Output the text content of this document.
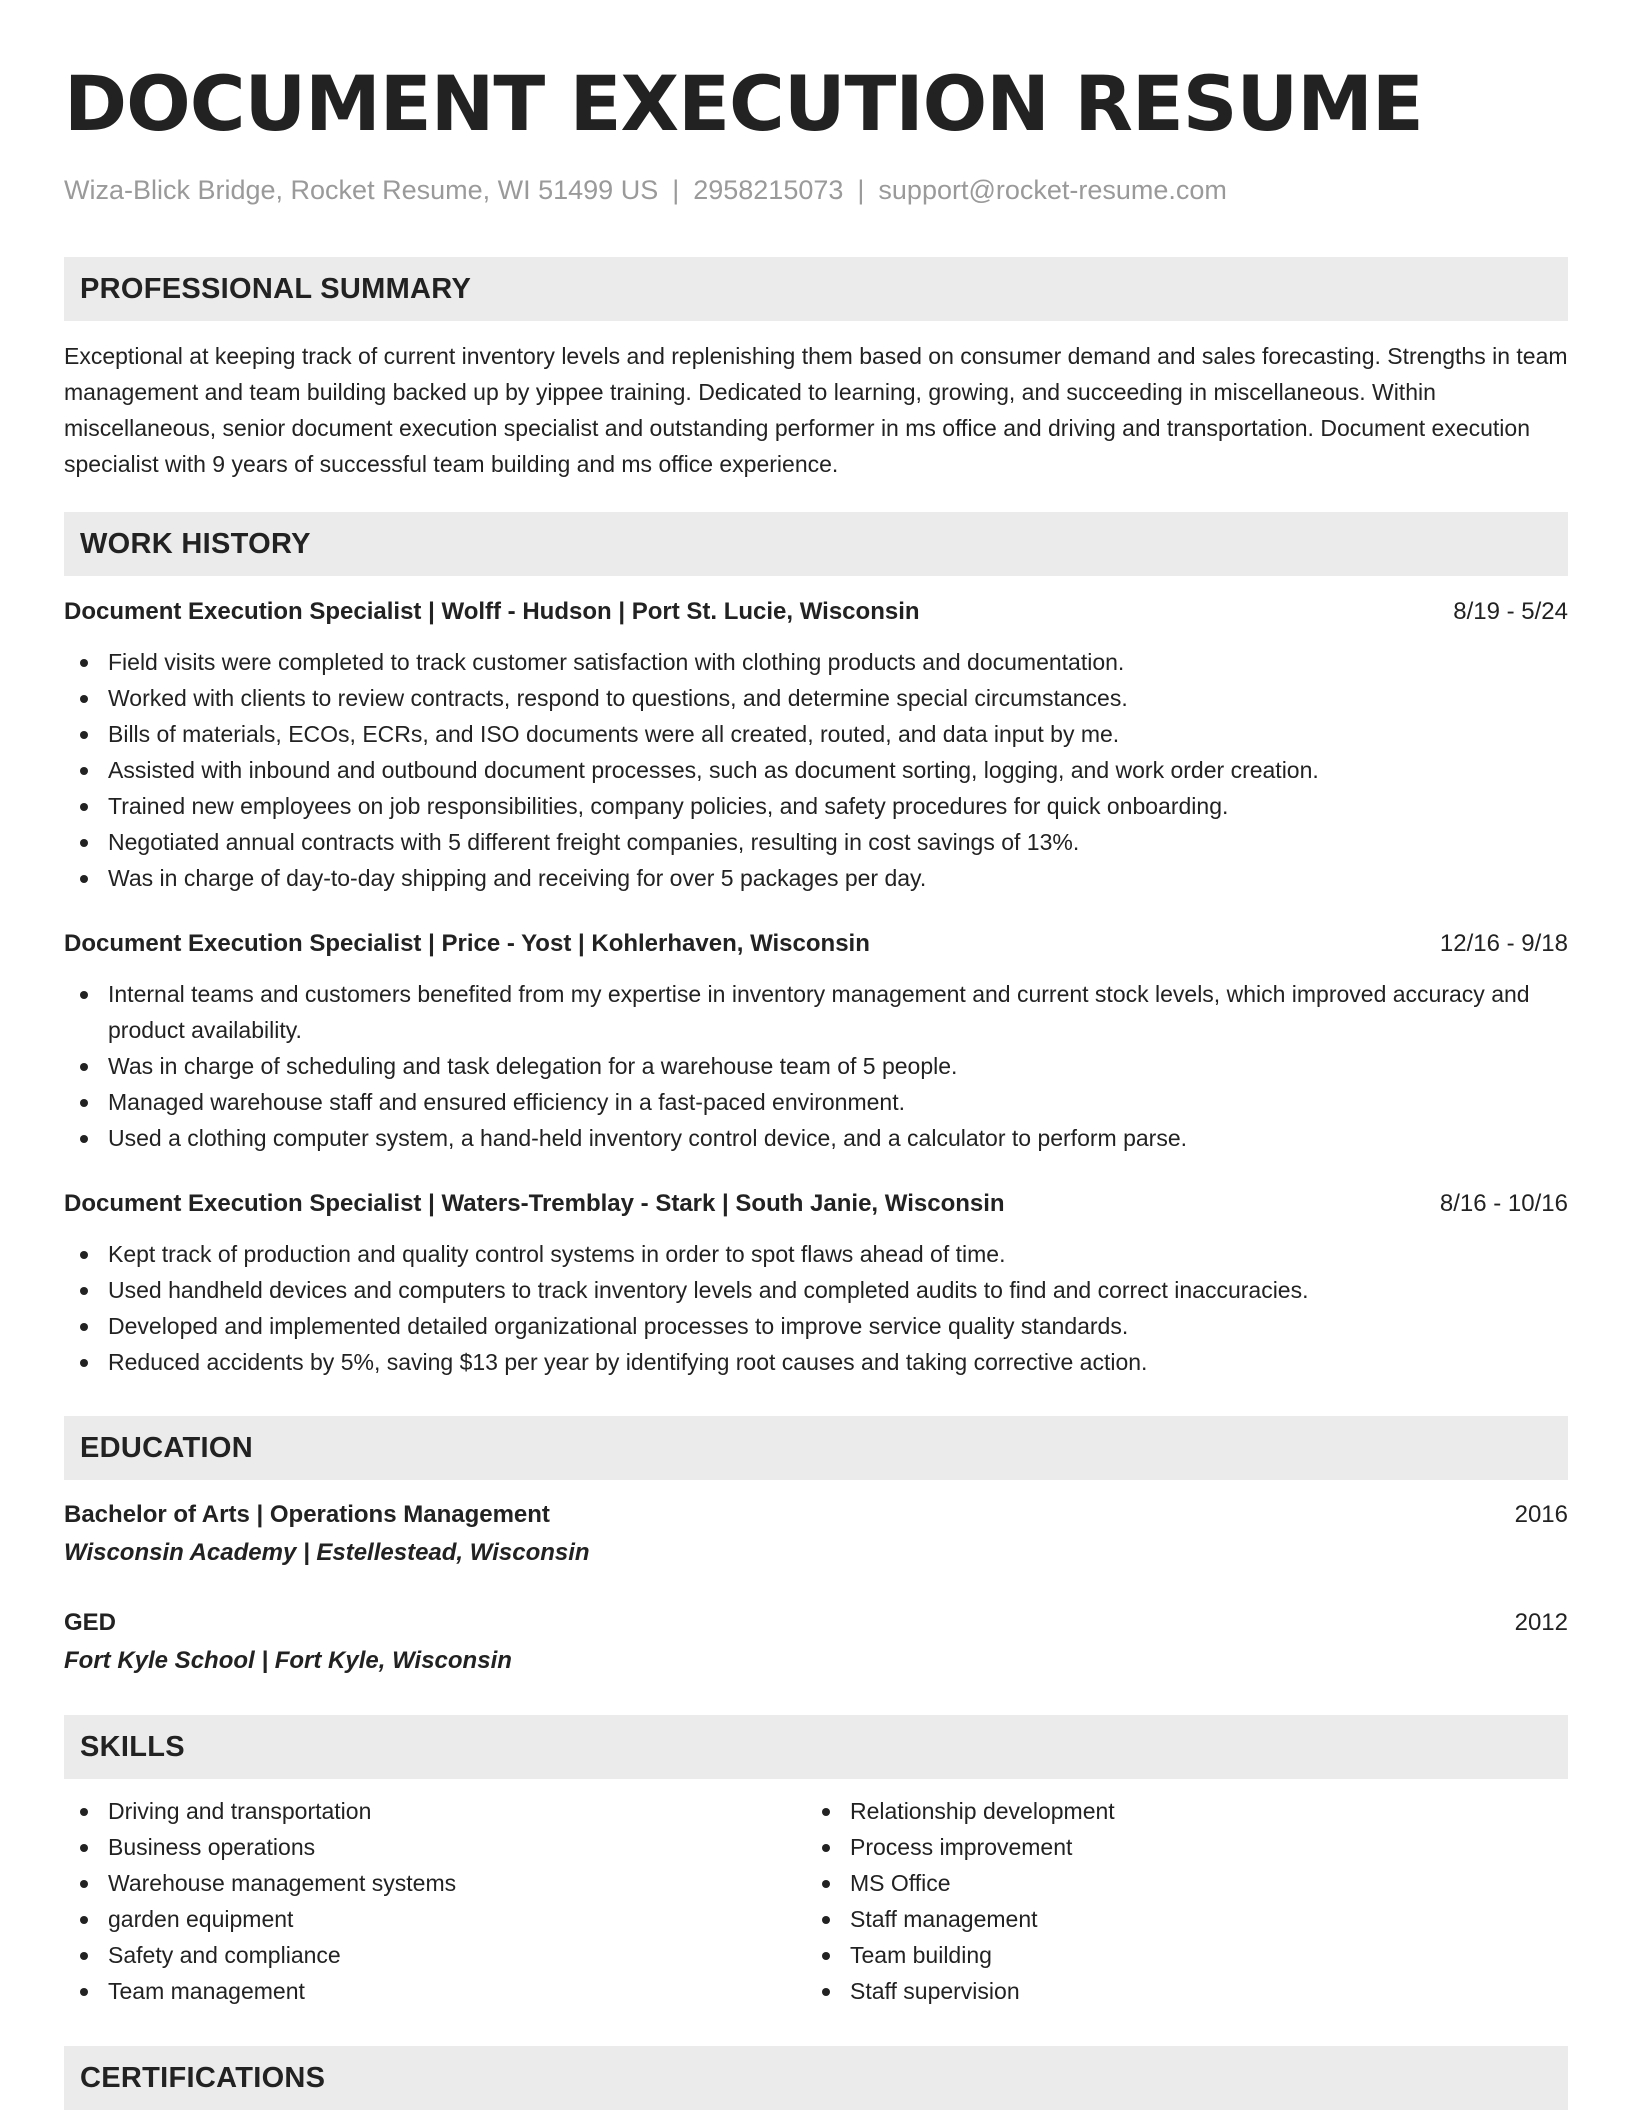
DOCUMENT EXECUTION RESUME
Wiza-Blick Bridge, Rocket Resume, WI 51499 US | 2958215073 | support@rocket-resume.com
PROFESSIONAL SUMMARY
Exceptional at keeping track of current inventory levels and replenishing them based on consumer demand and sales forecasting. Strengths in team management and team building backed up by yippee training. Dedicated to learning, growing, and succeeding in miscellaneous. Within miscellaneous, senior document execution specialist and outstanding performer in ms office and driving and transportation. Document execution specialist with 9 years of successful team building and ms office experience.
WORK HISTORY
Document Execution Specialist | Wolff - Hudson | Port St. Lucie, Wisconsin	8/19 - 5/24
Field visits were completed to track customer satisfaction with clothing products and documentation.
Worked with clients to review contracts, respond to questions, and determine special circumstances.
Bills of materials, ECOs, ECRs, and ISO documents were all created, routed, and data input by me.
Assisted with inbound and outbound document processes, such as document sorting, logging, and work order creation.
Trained new employees on job responsibilities, company policies, and safety procedures for quick onboarding.
Negotiated annual contracts with 5 different freight companies, resulting in cost savings of 13%.
Was in charge of day-to-day shipping and receiving for over 5 packages per day.
Document Execution Specialist | Price - Yost | Kohlerhaven, Wisconsin	12/16 - 9/18
Internal teams and customers benefited from my expertise in inventory management and current stock levels, which improved accuracy and product availability.
Was in charge of scheduling and task delegation for a warehouse team of 5 people.
Managed warehouse staff and ensured efficiency in a fast-paced environment.
Used a clothing computer system, a hand-held inventory control device, and a calculator to perform parse.
Document Execution Specialist | Waters-Tremblay - Stark | South Janie, Wisconsin	8/16 - 10/16
Kept track of production and quality control systems in order to spot flaws ahead of time.
Used handheld devices and computers to track inventory levels and completed audits to find and correct inaccuracies.
Developed and implemented detailed organizational processes to improve service quality standards.
Reduced accidents by 5%, saving $13 per year by identifying root causes and taking corrective action.
EDUCATION
Bachelor of Arts | Operations Management	2016
Wisconsin Academy | Estellestead, Wisconsin
GED	2012
Fort Kyle School | Fort Kyle, Wisconsin
SKILLS
Driving and transportation
Business operations
Warehouse management systems
garden equipment
Safety and compliance
Team management
Relationship development
Process improvement
MS Office
Staff management
Team building
Staff supervision
CERTIFICATIONS
